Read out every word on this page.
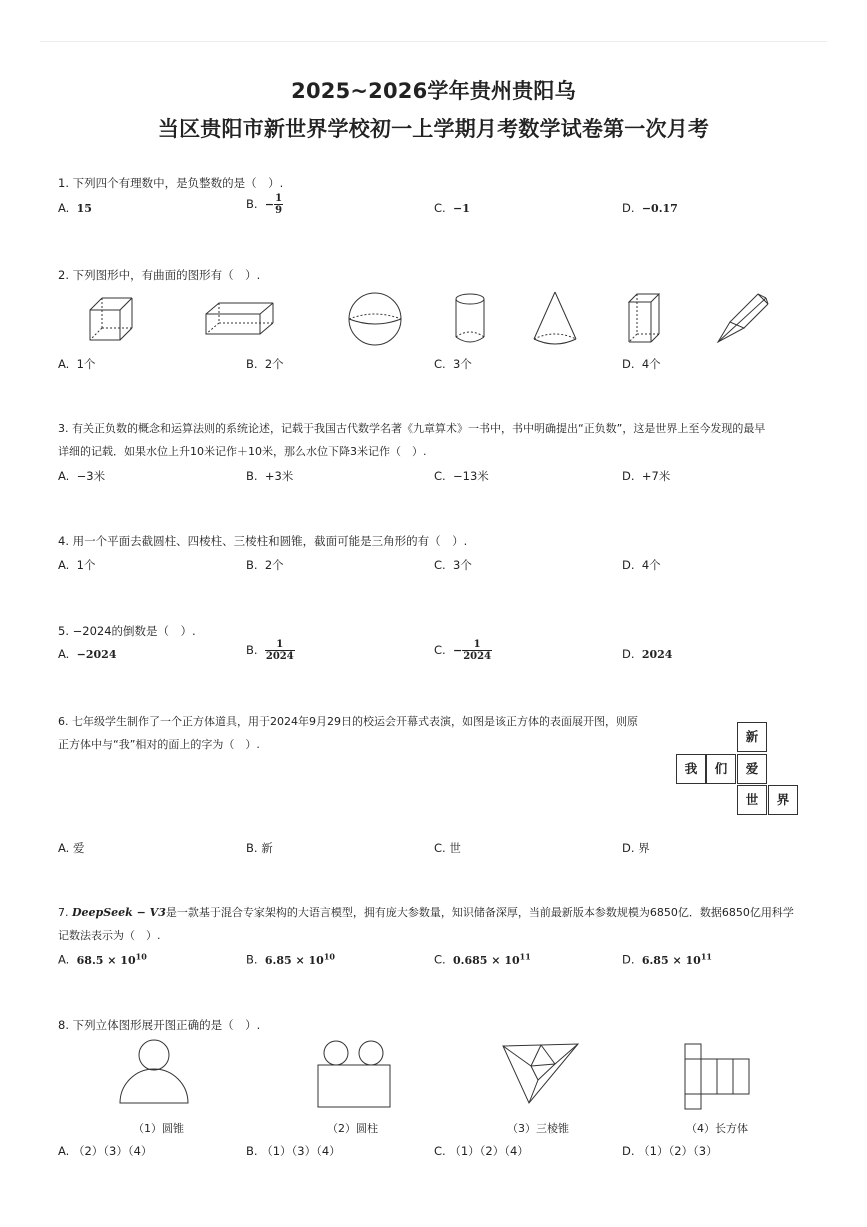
2025~2026学年贵州贵阳乌
当区贵阳市新世界学校初一上学期月考数学试卷第一次月考
1. 下列四个有理数中，是负整数的是（　）.
A. 15	B. − $\frac{1}{9}$	C. −1	D. −0.17
2. 下列图形中，有曲面的图形有（　）.
A. 1个	B. 2个	C. 3个	D. 4个
3. 有关正负数的概念和运算法则的系统论述，记载于我国古代数学名著《九章算术》一书中，书中明确提出“正负数”，这是世界上至今发现的最早
详细的记载．如果水位上升10米记作＋10米，那么水位下降3米记作（　）.
A. −3米	B. +3米	C. −13米	D. +7米
4. 用一个平面去截圆柱、四棱柱、三棱柱和圆锥，截面可能是三角形的有（　）.
A. 1个	B. 2个	C. 3个	D. 4个
5. −2024的倒数是（　）.
A. −2024	B. $\frac{1}{2024}$	C. − $\frac{1}{2024}$	D. 2024
6. 七年级学生制作了一个正方体道具，用于2024年9月29日的校运会开幕式表演，如图是该正方体的表面展开图，则原
正方体中与“我”相对的面上的字为（　）.
新
我	们	爱
世	界
A. 爱	B. 新	C. 世	D. 界
7. DeepSeek − V3是一款基于混合专家架构的大语言模型，拥有庞大参数量，知识储备深厚，当前最新版本参数规模为6850亿．数据6850亿用科学
记数法表示为（　）.
A. $68.5 \times 10^{10}$	B. $6.85 \times 10^{10}$	C. $0.685 \times 10^{11}$	D. $6.85 \times 10^{11}$
8. 下列立体图形展开图正确的是（　）.
（1）圆锥	（2）圆柱	（3）三棱锥	（4）长方体
A. （2）（3）（4）	B. （1）（3）（4）	C. （1）（2）（4）	D. （1）（2）（3）
